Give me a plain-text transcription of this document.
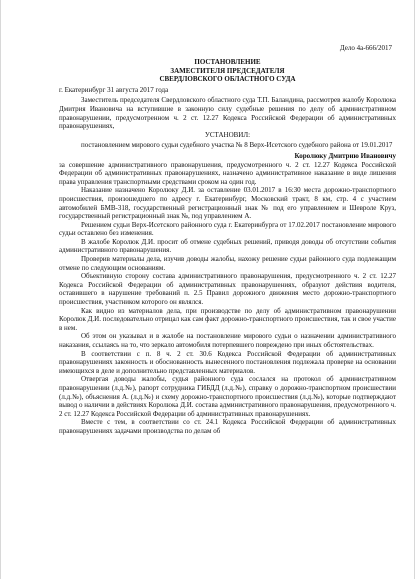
Дело 4а-666/2017
ПОСТАНОВЛЕНИЕ
ЗАМЕСТИТЕЛЯ ПРЕДСЕДАТЕЛЯ
СВЕРДЛОВСКОГО ОБЛАСТНОГО СУДА
г. Екатеринбург 31 августа 2017 года

Заместитель председателя Свердловского областного суда Т.П. Баландина, рассмотрев жалобу Королюка Дмитрия Ивановича на вступившие в законную силу судебные решения по делу об административном правонарушении, предусмотренном ч. 2 ст. 12.27 Кодекса Российской Федерации об административных правонарушениях,

УСТАНОВИЛ:

постановлением мирового судьи судебного участка № 8 Верх-Исетского судебного района от 19.01.2017

Королюку Дмитрию Ивановичу

за совершение административного правонарушения, предусмотренного ч. 2 ст. 12.27 Кодекса Российской Федерации об административных правонарушениях, назначено административное наказание в виде лишения права управления транспортными средствами сроком на один год.

Наказание назначено Королюку Д.И. за оставление 03.01.2017 в 16:30 места дорожно-транспортного происшествия, произошедшего по адресу г. Екатеринбург, Московский тракт, 8 км, стр. 4 с участием автомобилей БМВ-318, государственный регистрационный знак № под его управлением и Шевроле Круз, государственный регистрационный знак №, под управлением А.

Решением судьи Верх-Исетского районного суда г. Екатеринбурга от 17.02.2017 постановление мирового судьи оставлено без изменения.

В жалобе Королюк Д.И. просит об отмене судебных решений, приводя доводы об отсутствии события административного правонарушения.

Проверив материалы дела, изучив доводы жалобы, нахожу решение судьи районного суда подлежащим отмене по следующим основаниям.

Объективную сторону состава административного правонарушения, предусмотренного ч. 2 ст. 12.27 Кодекса Российской Федерации об административных правонарушениях, образуют действия водителя, оставившего в нарушение требований п. 2.5 Правил дорожного движения место дорожно-транспортного происшествия, участником которого он являлся.

Как видно из материалов дела, при производстве по делу об административном правонарушении Королюк Д.И. последовательно отрицал как сам факт дорожно-транспортного происшествия, так и свое участие в нем.

Об этом он указывал и в жалобе на постановление мирового судьи о назначении административного наказания, ссылаясь на то, что зеркало автомобиля потерпевшего повреждено при иных обстоятельствах.

В соответствии с п. 8 ч. 2 ст. 30.6 Кодекса Российской Федерации об административных правонарушениях законность и обоснованность вынесенного постановления подлежала проверке на основании имеющихся в деле и дополнительно представленных материалов.

Отвергая доводы жалобы, судья районного суда сослался на протокол об административном правонарушении (л.д.№), рапорт сотрудника ГИБДД (л.д.№), справку о дорожно-транспортном происшествии (л.д.№), объяснения А. (л.д.№) и схему дорожно-транспортного происшествия (л.д.№), которые подтверждают вывод о наличии в действиях Королюка Д.И. состава административного правонарушения, предусмотренного ч. 2 ст. 12.27 Кодекса Российской Федерации об административных правонарушениях.

Вместе с тем, в соответствии со ст. 24.1 Кодекса Российской Федерации об административных правонарушениях задачами производства по делам об
